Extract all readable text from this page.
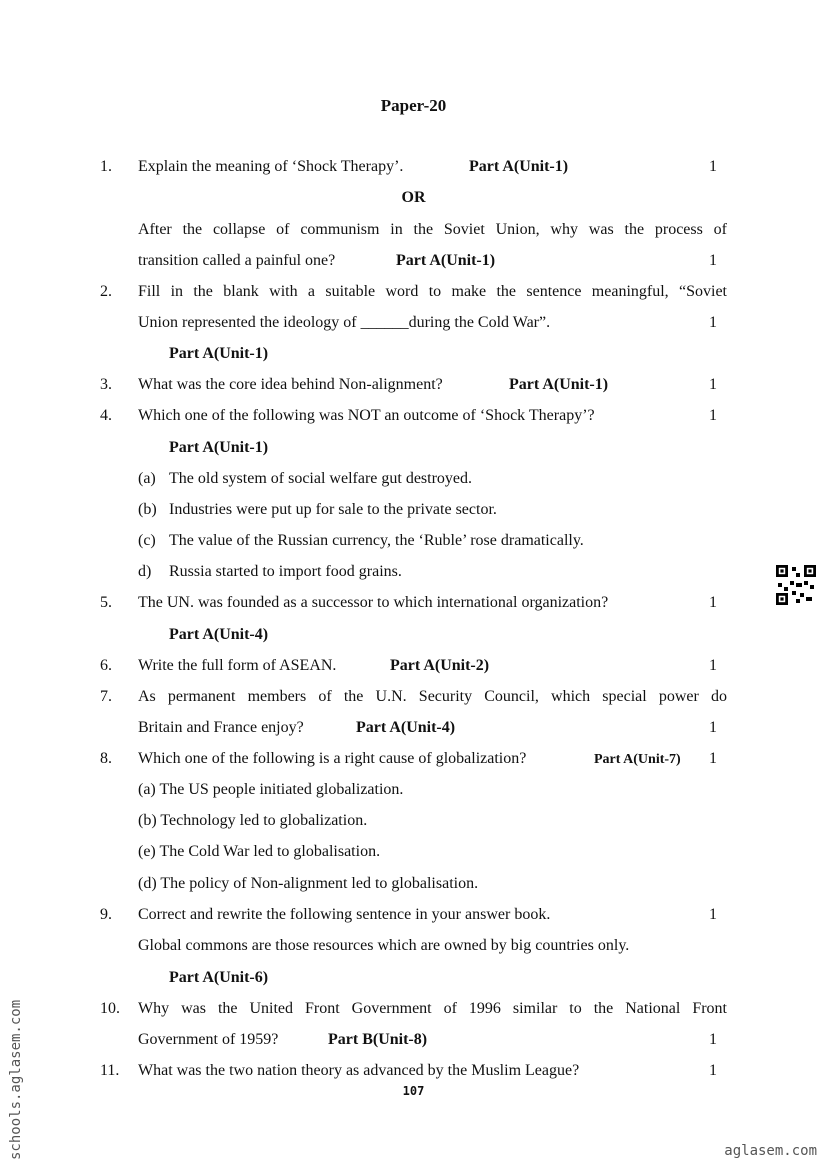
Paper-20
1. Explain the meaning of ‘Shock Therapy’.	Part A(Unit-1)	1
OR
After the collapse of communism in the Soviet Union, why was the process of
transition called a painful one?	Part A(Unit-1)	1
2. Fill in the blank with a suitable word to make the sentence meaningful, “Soviet
Union represented the ideology of ______during the Cold War”.	1
Part A(Unit-1)
3. What was the core idea behind Non-alignment?	Part A(Unit-1)	1
4. Which one of the following was NOT an outcome of ‘Shock Therapy’?	1
Part A(Unit-1)
(a) The old system of social welfare gut destroyed.
(b) Industries were put up for sale to the private sector.
(c) The value of the Russian currency, the ‘Ruble’ rose dramatically.
d) Russia started to import food grains.
5. The UN. was founded as a successor to which international organization?	1
Part A(Unit-4)
6. Write the full form of ASEAN.	Part A(Unit-2)	1
7. As permanent members of the U.N. Security Council, which special power do
Britain and France enjoy?	Part A(Unit-4)	1
8. Which one of the following is a right cause of globalization?	Part A(Unit-7) 1
(a) The US people initiated globalization.
(b) Technology led to globalization.
(e) The Cold War led to globalisation.
(d) The policy of Non-alignment led to globalisation.
9. Correct and rewrite the following sentence in your answer book.	1
Global commons are those resources which are owned by big countries only.
Part A(Unit-6)
10. Why was the United Front Government of 1996 similar to the National Front
Government of 1959?	Part B(Unit-8)	1
11. What was the two nation theory as advanced by the Muslim League?	1
107
schools.aglasem.com	aglasem.com
